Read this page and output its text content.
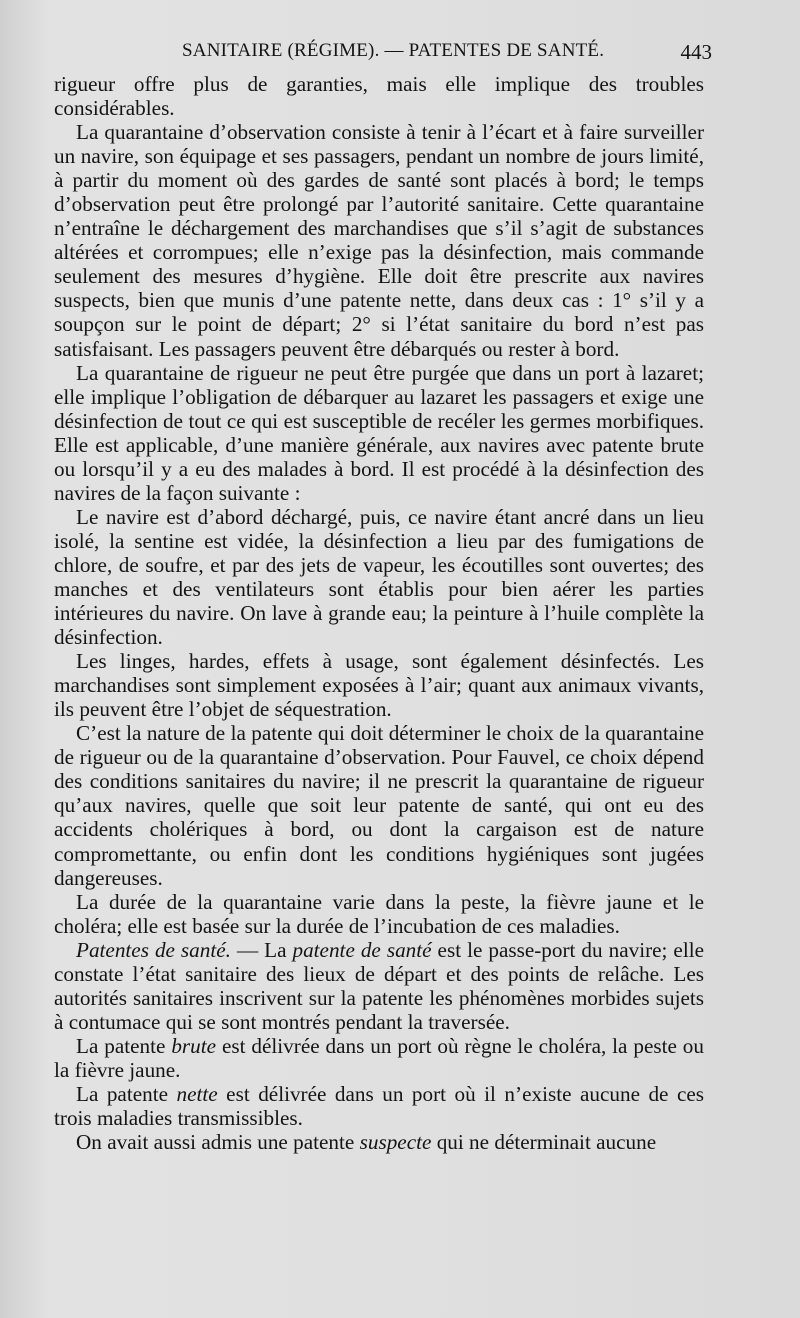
SANITAIRE (RÉGIME). — PATENTES DE SANTÉ.	443

rigueur offre plus de garanties, mais elle implique des troubles considérables.

La quarantaine d’observation consiste à tenir à l’écart et à faire surveiller un navire, son équipage et ses passagers, pendant un nombre de jours limité, à partir du moment où des gardes de santé sont placés à bord; le temps d’observation peut être prolongé par l’autorité sanitaire. Cette quarantaine n’entraîne le déchargement des marchandises que s’il s’agit de substances altérées et corrompues; elle n’exige pas la désinfection, mais commande seulement des mesures d’hygiène. Elle doit être prescrite aux navires suspects, bien que munis d’une patente nette, dans deux cas : 1° s’il y a soupçon sur le point de départ; 2° si l’état sanitaire du bord n’est pas satisfaisant. Les passagers peuvent être débarqués ou rester à bord.

La quarantaine de rigueur ne peut être purgée que dans un port à lazaret; elle implique l’obligation de débarquer au lazaret les passagers et exige une désinfection de tout ce qui est susceptible de recéler les germes morbifiques. Elle est applicable, d’une manière générale, aux navires avec patente brute ou lorsqu’il y a eu des malades à bord. Il est procédé à la désinfection des navires de la façon suivante :

Le navire est d’abord déchargé, puis, ce navire étant ancré dans un lieu isolé, la sentine est vidée, la désinfection a lieu par des fumigations de chlore, de soufre, et par des jets de vapeur, les écoutilles sont ouvertes; des manches et des ventilateurs sont établis pour bien aérer les parties intérieures du navire. On lave à grande eau; la peinture à l’huile complète la désinfection.

Les linges, hardes, effets à usage, sont également désinfectés. Les marchandises sont simplement exposées à l’air; quant aux animaux vivants, ils peuvent être l’objet de séquestration.

C’est la nature de la patente qui doit déterminer le choix de la quarantaine de rigueur ou de la quarantaine d’observation. Pour Fauvel, ce choix dépend des conditions sanitaires du navire; il ne prescrit la quarantaine de rigueur qu’aux navires, quelle que soit leur patente de santé, qui ont eu des accidents cholériques à bord, ou dont la cargaison est de nature compromettante, ou enfin dont les conditions hygiéniques sont jugées dangereuses.

La durée de la quarantaine varie dans la peste, la fièvre jaune et le choléra; elle est basée sur la durée de l’incubation de ces maladies.

Patentes de santé. — La patente de santé est le passe-port du navire; elle constate l’état sanitaire des lieux de départ et des points de relâche. Les autorités sanitaires inscrivent sur la patente les phénomènes morbides sujets à contumace qui se sont montrés pendant la traversée.

La patente brute est délivrée dans un port où règne le choléra, la peste ou la fièvre jaune.

La patente nette est délivrée dans un port où il n’existe aucune de ces trois maladies transmissibles.

On avait aussi admis une patente suspecte qui ne déterminait aucune
